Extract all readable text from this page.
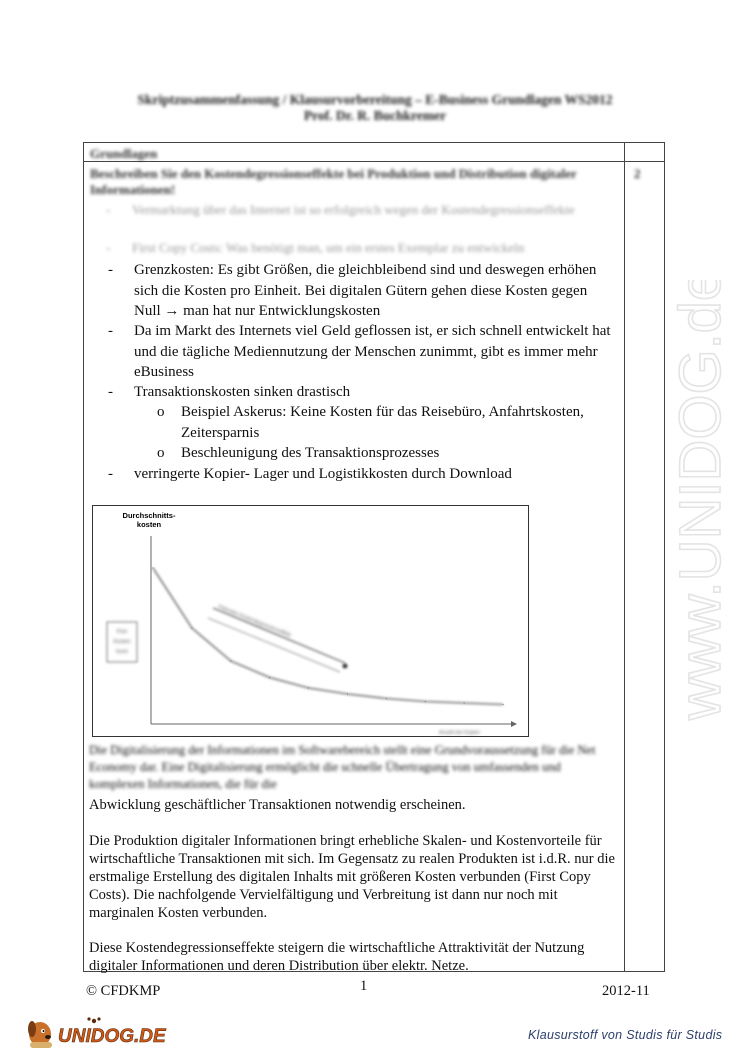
Skriptzusammenfassung / Klausurvorbereitung – E-Business Grundlagen WS2012
Prof. Dr. R. Buchkremer
Grundlagen
Beschreiben Sie den Kostendegressionseffekte bei Produktion und Distribution digitaler Informationen!
2
- Vermarktung über das Internet ist so erfolgreich wegen der Kostendegressionseffekte
- First Copy Costs: Was benötigt man, um ein erstes Exemplar zu entwickeln
- Grenzkosten: Es gibt Größen, die gleichbleibend sind und deswegen erhöhen sich die Kosten pro Einheit. Bei digitalen Gütern gehen diese Kosten gegen Null → man hat nur Entwicklungskosten
- Da im Markt des Internets viel Geld geflossen ist, er sich schnell entwickelt hat und die tägliche Mediennutzung der Menschen zunimmt, gibt es immer mehr eBusiness
- Transaktionskosten sinken drastisch
o Beispiel Askerus: Keine Kosten für das Reisebüro, Anfahrtskosten, Zeitersparnis
o Beschleunigung des Transaktionsprozesses
- verringerte Kopier- Lager und Logistikkosten durch Download
Durchschnitts-
kosten
Fixe
Kosten
hoch
Fixkosten Kostendegressionseffekt
Anzahl der Kopien
Die Digitalisierung der Informationen im Softwarebereich stellt eine Grundvoraussetzung für die Net Economy dar. Eine Digitalisierung ermöglicht die schnelle Übertragung von umfassenden und komplexen Informationen, die für die
Abwicklung geschäftlicher Transaktionen notwendig erscheinen.
Die Produktion digitaler Informationen bringt erhebliche Skalen- und Kostenvorteile für wirtschaftliche Transaktionen mit sich. Im Gegensatz zu realen Produkten ist i.d.R. nur die erstmalige Erstellung des digitalen Inhalts mit größeren Kosten verbunden (First Copy Costs). Die nachfolgende Vervielfältigung und Verbreitung ist dann nur noch mit marginalen Kosten verbunden.
Diese Kostendegressionseffekte steigern die wirtschaftliche Attraktivität der Nutzung digitaler Informationen und deren Distribution über elektr. Netze.
www.UNIDOG.de
© CFDKMP	1	2012-11
UNIDOG.DE	Klausurstoff von Studis für Studis
